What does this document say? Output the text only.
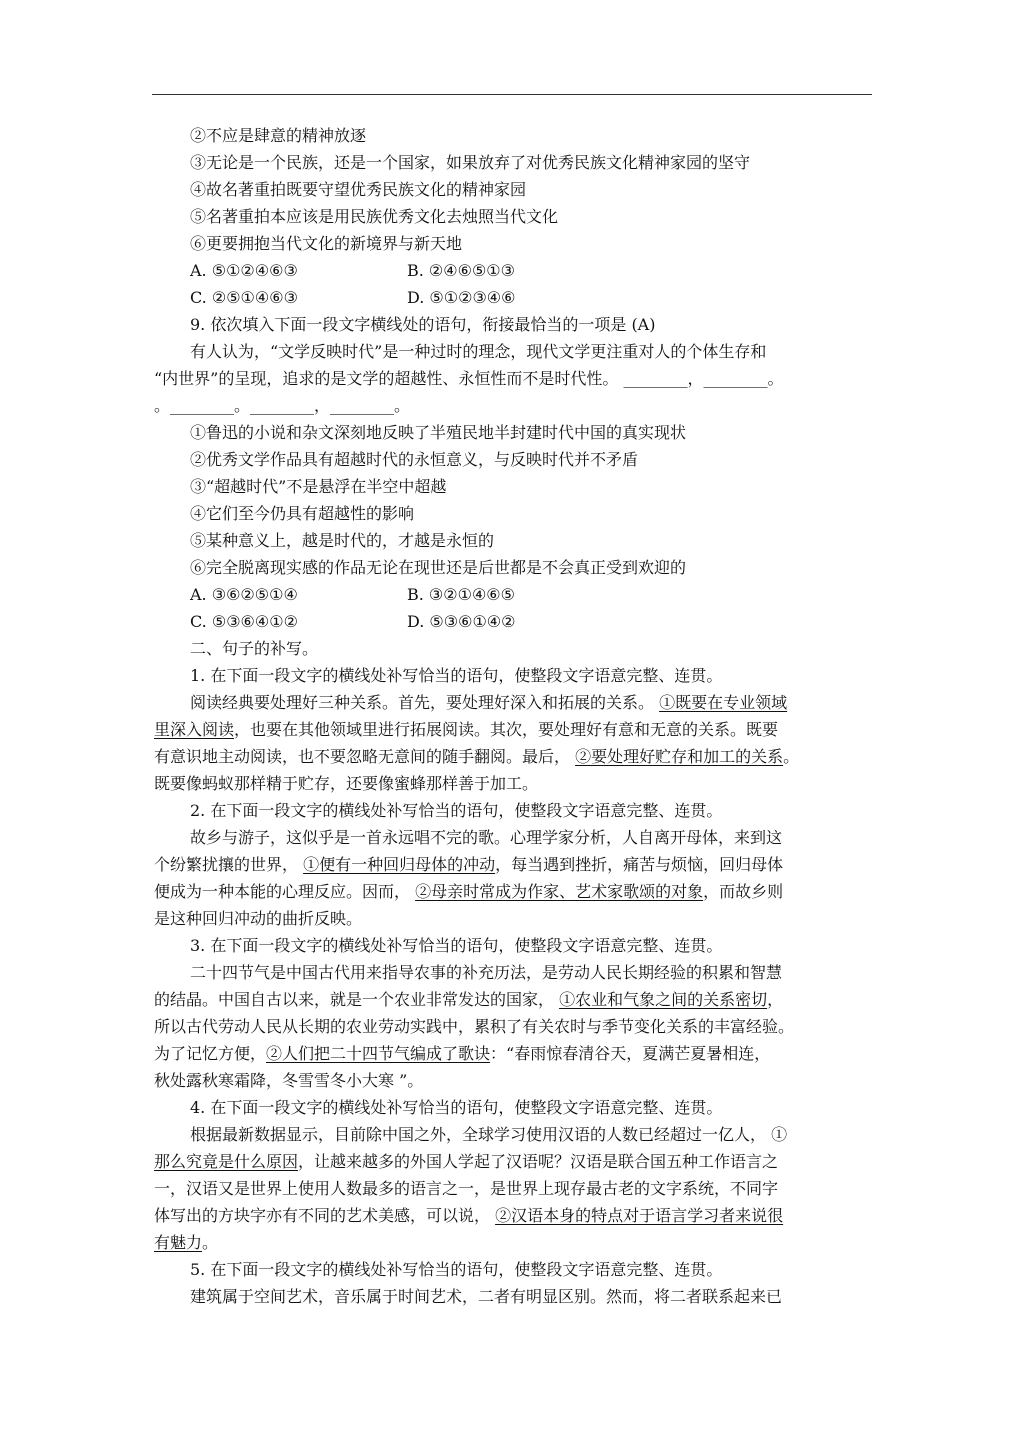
②不应是肆意的精神放逐
③无论是一个民族，还是一个国家，如果放弃了对优秀民族文化精神家园的坚守
④故名著重拍既要守望优秀民族文化的精神家园
⑤名著重拍本应该是用民族优秀文化去烛照当代文化
⑥更要拥抱当代文化的新境界与新天地
A. ⑤①②④⑥③	B. ②④⑥⑤①③
C. ②⑤①④⑥③	D. ⑤①②③④⑥
9. 依次填入下面一段文字横线处的语句，衔接最恰当的一项是 (A)
有人认为，“文学反映时代”是一种过时的理念，现代文学更注重对人的个体生存和
“内世界”的呈现，追求的是文学的超越性、永恒性而不是时代性。 ________，________。
。________。________，________。
①鲁迅的小说和杂文深刻地反映了半殖民地半封建时代中国的真实现状
②优秀文学作品具有超越时代的永恒意义，与反映时代并不矛盾
③“超越时代”不是悬浮在半空中超越
④它们至今仍具有超越性的影响
⑤某种意义上，越是时代的，才越是永恒的
⑥完全脱离现实感的作品无论在现世还是后世都是不会真正受到欢迎的
A. ③⑥②⑤①④	B. ③②①④⑥⑤
C. ⑤③⑥④①②	D. ⑤③⑥①④②
二、句子的补写。
1. 在下面一段文字的横线处补写恰当的语句，使整段文字语意完整、连贯。
阅读经典要处理好三种关系。首先，要处理好深入和拓展的关系。 ①既要在专业领域
里深入阅读，也要在其他领域里进行拓展阅读。其次，要处理好有意和无意的关系。既要
有意识地主动阅读，也不要忽略无意间的随手翻阅。最后， ②要处理好贮存和加工的关系。
既要像蚂蚁那样精于贮存，还要像蜜蜂那样善于加工。
2. 在下面一段文字的横线处补写恰当的语句，使整段文字语意完整、连贯。
故乡与游子，这似乎是一首永远唱不完的歌。心理学家分析，人自离开母体，来到这
个纷繁扰攘的世界， ①便有一种回归母体的冲动，每当遇到挫折，痛苦与烦恼，回归母体
便成为一种本能的心理反应。因而， ②母亲时常成为作家、艺术家歌颂的对象，而故乡则
是这种回归冲动的曲折反映。
3. 在下面一段文字的横线处补写恰当的语句，使整段文字语意完整、连贯。
二十四节气是中国古代用来指导农事的补充历法，是劳动人民长期经验的积累和智慧
的结晶。中国自古以来，就是一个农业非常发达的国家， ①农业和气象之间的关系密切，
所以古代劳动人民从长期的农业劳动实践中，累积了有关农时与季节变化关系的丰富经验。
为了记忆方便，②人们把二十四节气编成了歌诀：“春雨惊春清谷天，夏满芒夏暑相连，
秋处露秋寒霜降，冬雪雪冬小大寒 ”。
4. 在下面一段文字的横线处补写恰当的语句，使整段文字语意完整、连贯。
根据最新数据显示，目前除中国之外，全球学习使用汉语的人数已经超过一亿人， ①
那么究竟是什么原因，让越来越多的外国人学起了汉语呢？汉语是联合国五种工作语言之
一，汉语又是世界上使用人数最多的语言之一，是世界上现存最古老的文字系统，不同字
体写出的方块字亦有不同的艺术美感，可以说， ②汉语本身的特点对于语言学习者来说很
有魅力。
5. 在下面一段文字的横线处补写恰当的语句，使整段文字语意完整、连贯。
建筑属于空间艺术，音乐属于时间艺术，二者有明显区别。然而，将二者联系起来已
